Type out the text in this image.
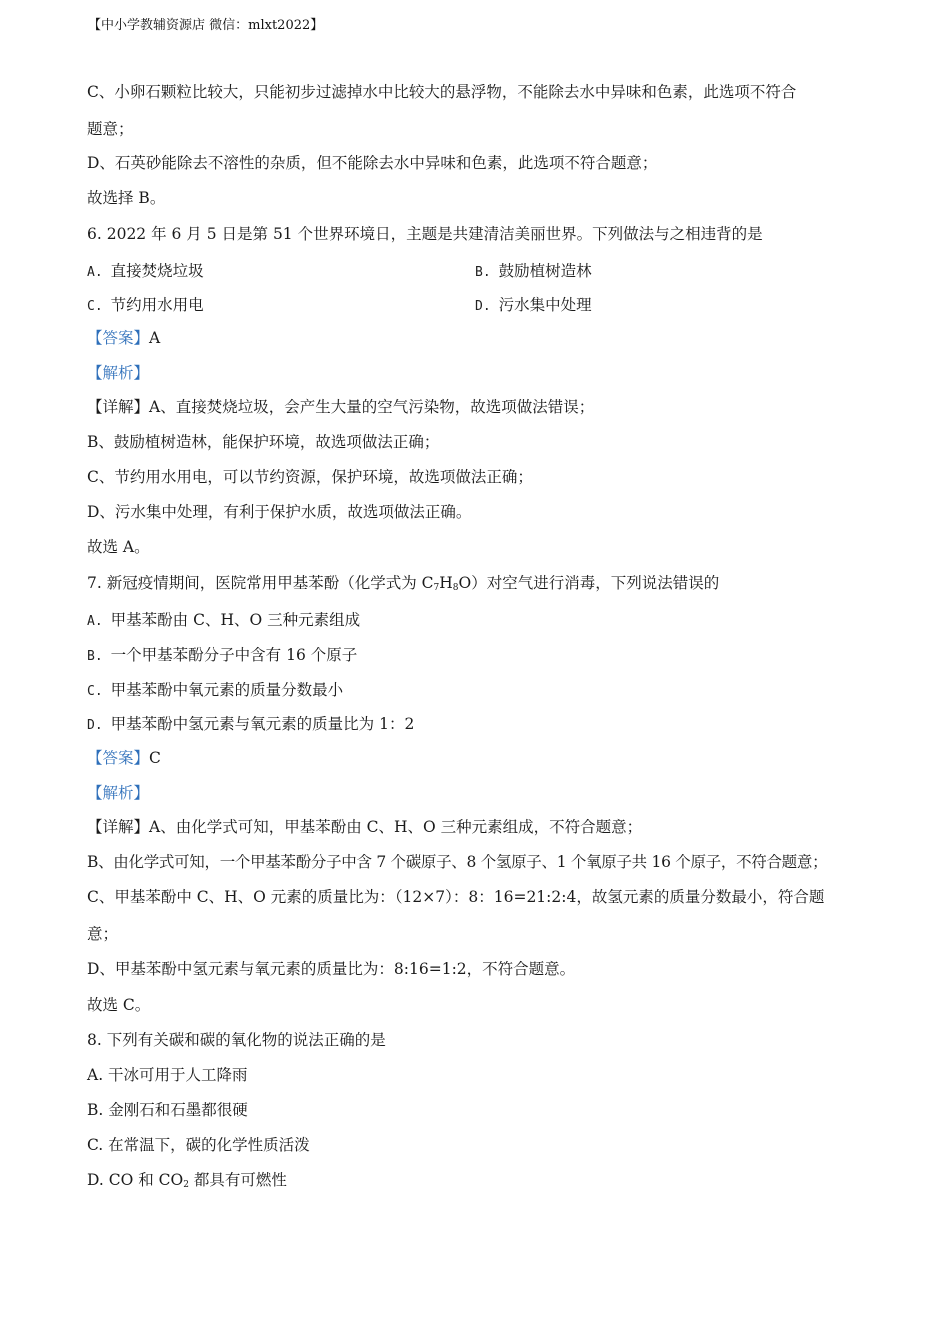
【中小学教辅资源店 微信：mlxt2022】
C、小卵石颗粒比较大，只能初步过滤掉水中比较大的悬浮物，不能除去水中异味和色素，此选项不符合
题意；
D、石英砂能除去不溶性的杂质，但不能除去水中异味和色素，此选项不符合题意；
故选择 B。
6. 2022 年 6 月 5 日是第 51 个世界环境日，主题是共建清洁美丽世界。下列做法与之相违背的是
A. 直接焚烧垃圾	B. 鼓励植树造林
C. 节约用水用电	D. 污水集中处理
【答案】A
【解析】
【详解】A、直接焚烧垃圾，会产生大量的空气污染物，故选项做法错误；
B、鼓励植树造林，能保护环境，故选项做法正确；
C、节约用水用电，可以节约资源，保护环境，故选项做法正确；
D、污水集中处理，有利于保护水质，故选项做法正确。
故选 A。
7. 新冠疫情期间，医院常用甲基苯酚（化学式为 $C_7H_8O$）对空气进行消毒，下列说法错误的
A. 甲基苯酚由 C、H、O 三种元素组成
B. 一个甲基苯酚分子中含有 16 个原子
C. 甲基苯酚中氧元素的质量分数最小
D. 甲基苯酚中氢元素与氧元素的质量比为 1：2
【答案】C
【解析】
【详解】A、由化学式可知，甲基苯酚由 C、H、O 三种元素组成，不符合题意；
B、由化学式可知，一个甲基苯酚分子中含 7 个碳原子、8 个氢原子、1 个氧原子共 16 个原子，不符合题意；
C、甲基苯酚中 C、H、O 元素的质量比为：（12×7）：8：16=21:2:4，故氢元素的质量分数最小，符合题
意；
D、甲基苯酚中氢元素与氧元素的质量比为：8:16=1:2，不符合题意。
故选 C。
8. 下列有关碳和碳的氧化物的说法正确的是
A. 干冰可用于人工降雨
B. 金刚石和石墨都很硬
C. 在常温下，碳的化学性质活泼
D. CO 和 $CO_2$ 都具有可燃性
